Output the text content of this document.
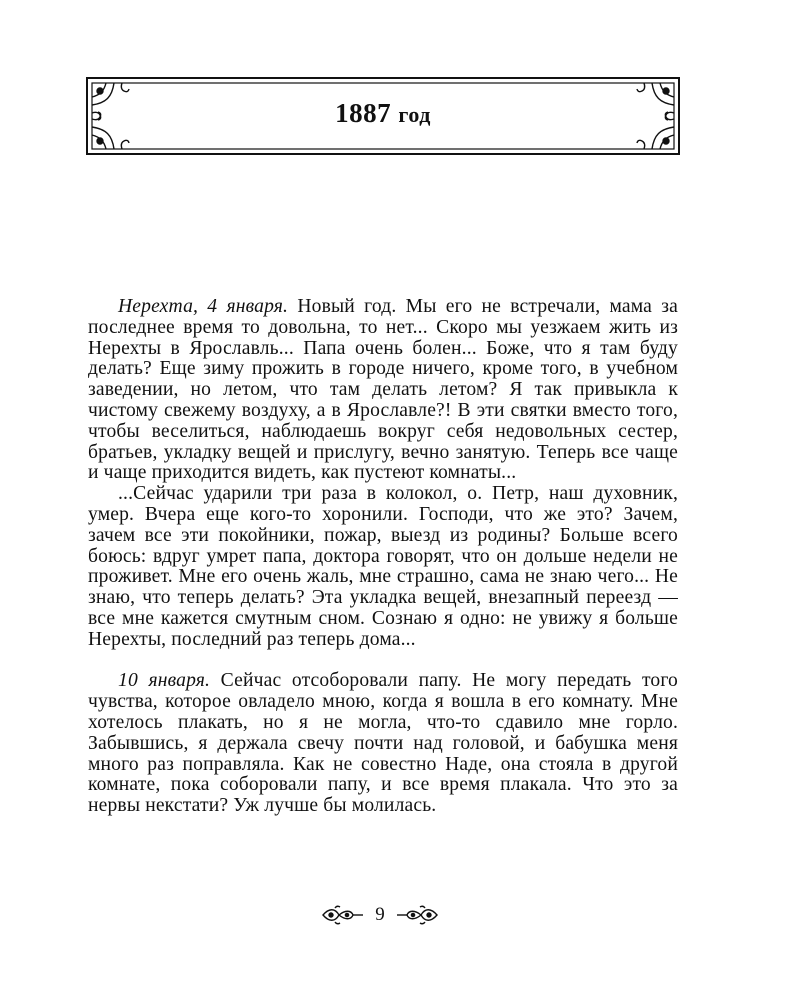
1887 год

Нерехта, 4 января. Новый год. Мы его не встречали, мама за последнее время то довольна, то нет... Скоро мы уезжаем жить из Нерехты в Ярославль... Папа очень болен... Боже, что я там буду делать? Еще зиму прожить в городе ничего, кроме того, в учебном заведении, но летом, что там делать летом? Я так привыкла к чистому свежему воздуху, а в Ярославле?! В эти святки вместо того, чтобы веселиться, наблюдаешь вокруг себя недовольных сестер, братьев, укладку вещей и прислугу, вечно занятую. Теперь все чаще и чаще приходится видеть, как пустеют комнаты...

...Сейчас ударили три раза в колокол, о. Петр, наш духовник, умер. Вчера еще кого-то хоронили. Господи, что же это? Зачем, зачем все эти покойники, пожар, выезд из родины? Больше всего боюсь: вдруг умрет папа, доктора говорят, что он дольше недели не проживет. Мне его очень жаль, мне страшно, сама не знаю чего... Не знаю, что теперь делать? Эта укладка вещей, внезапный переезд — все мне кажется смутным сном. Сознаю я одно: не увижу я больше Нерехты, последний раз теперь дома...

10 января. Сейчас отсоборовали папу. Не могу передать того чувства, которое овладело мною, когда я вошла в его комнату. Мне хотелось плакать, но я не могла, что-то сдавило мне горло. Забывшись, я держала свечу почти над головой, и бабушка меня много раз поправляла. Как не совестно Наде, она стояла в другой комнате, пока соборовали папу, и все время плакала. Что это за нервы некстати? Уж лучше бы молилась.

9
